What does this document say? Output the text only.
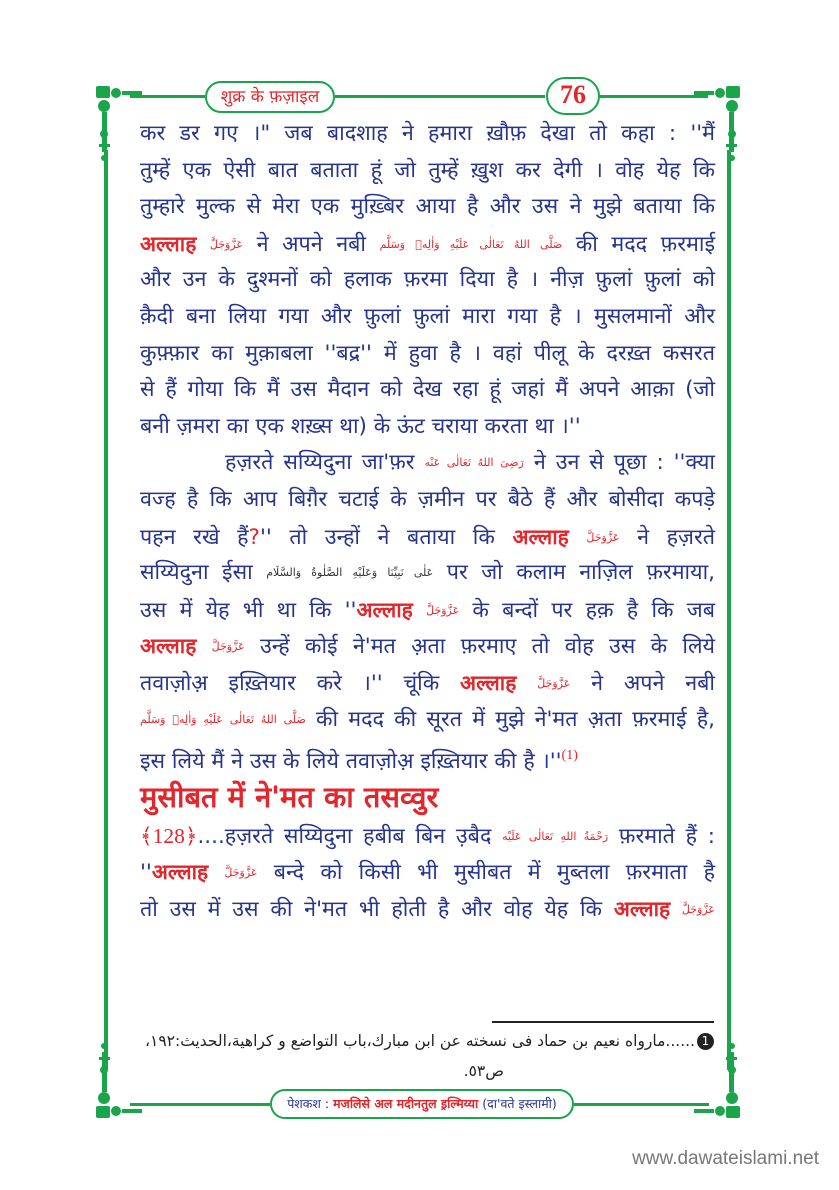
शुक्र के फ़ज़ाइल	76
कर डर गए ।" जब बादशाह ने हमारा ख़ौफ़ देखा तो कहा : ''मैं
तुम्हें एक ऐसी बात बताता हूं जो तुम्हें ख़ुश कर देगी । वोह येह कि
तुम्हारे मुल्क से मेरा एक मुख़्बिर आया है और उस ने मुझे बताया कि
अल्लाह عَزَّوَجَلَّ ने अपने नबी صَلَّى اللهُ تَعَالٰی عَلَيْهِ وَاٰلِهٖ وَسَلَّم की मदद फ़रमाई
और उन के दुश्मनों को हलाक फ़रमा दिया है । नीज़ फ़ुलां फ़ुलां को
क़ैदी बना लिया गया और फ़ुलां फ़ुलां मारा गया है । मुसलमानों और
कुफ़्फ़ार का मुक़ाबला ''बद्र'' में हुवा है । वहां पीलू के दरख़्त कसरत
से हैं गोया कि मैं उस मैदान को देख रहा हूं जहां मैं अपने आक़ा (जो
बनी ज़मरा का एक शख़्स था) के ऊंट चराया करता था ।''
हज़रते सय्यिदुना जा'फ़र رَضِیَ اللهُ تَعَالٰی عَنْه ने उन से पूछा : ''क्या
वज्ह है कि आप बिग़ैर चटाई के ज़मीन पर बैठे हैं और बोसीदा कपड़े
पहन रखे हैं?'' तो उन्हों ने बताया कि अल्लाह عَزَّوَجَلَّ ने हज़रते
सय्यिदुना ईसा عَلٰی نَبِيِّنَا وَعَلَيْهِ الصَّلٰوةُ وَالسَّلَام पर जो कलाम नाज़िल फ़रमाया,
उस में येह भी था कि ''अल्लाह عَزَّوَجَلَّ के बन्दों पर हक़ है कि जब
अल्लाह عَزَّوَجَلَّ उन्हें कोई ने'मत अ़ता फ़रमाए तो वोह उस के लिये
तवाज़ोअ़ इख़्तियार करे ।'' चूंकि अल्लाह عَزَّوَجَلَّ ने अपने नबी
صَلَّى اللهُ تَعَالٰی عَلَيْهِ وَاٰلِهٖ وَسَلَّم की मदद की सूरत में मुझे ने'मत अ़ता फ़रमाई है,
इस लिये मैं ने उस के लिये तवाज़ोअ़ इख़्तियार की है $।''^{(1)}$
मुसीबत में ने'मत का तसव्वुर
﴾128﴿....हज़रते सय्यिदुना हबीब बिन उ़बैद رَحْمَةُ اللهِ تَعَالٰی عَلَيْه फ़रमाते हैं :
''अल्लाह عَزَّوَجَلَّ बन्दे को किसी भी मुसीबत में मुब्तला फ़रमाता है
तो उस में उस की ने'मत भी होती है और वोह येह कि अल्लाह عَزَّوَجَلَّ
1......مارواه نعيم بن حماد فی نسخته عن ابن مبارك،باب التواضع و كراهية،الحديث:١٩٢،
ص٥٣.
पेशकश : मजलिसे अल मदीनतुल इ़ल्मिय्या (दा'वते इस्लामी)
www.dawateislami.net
